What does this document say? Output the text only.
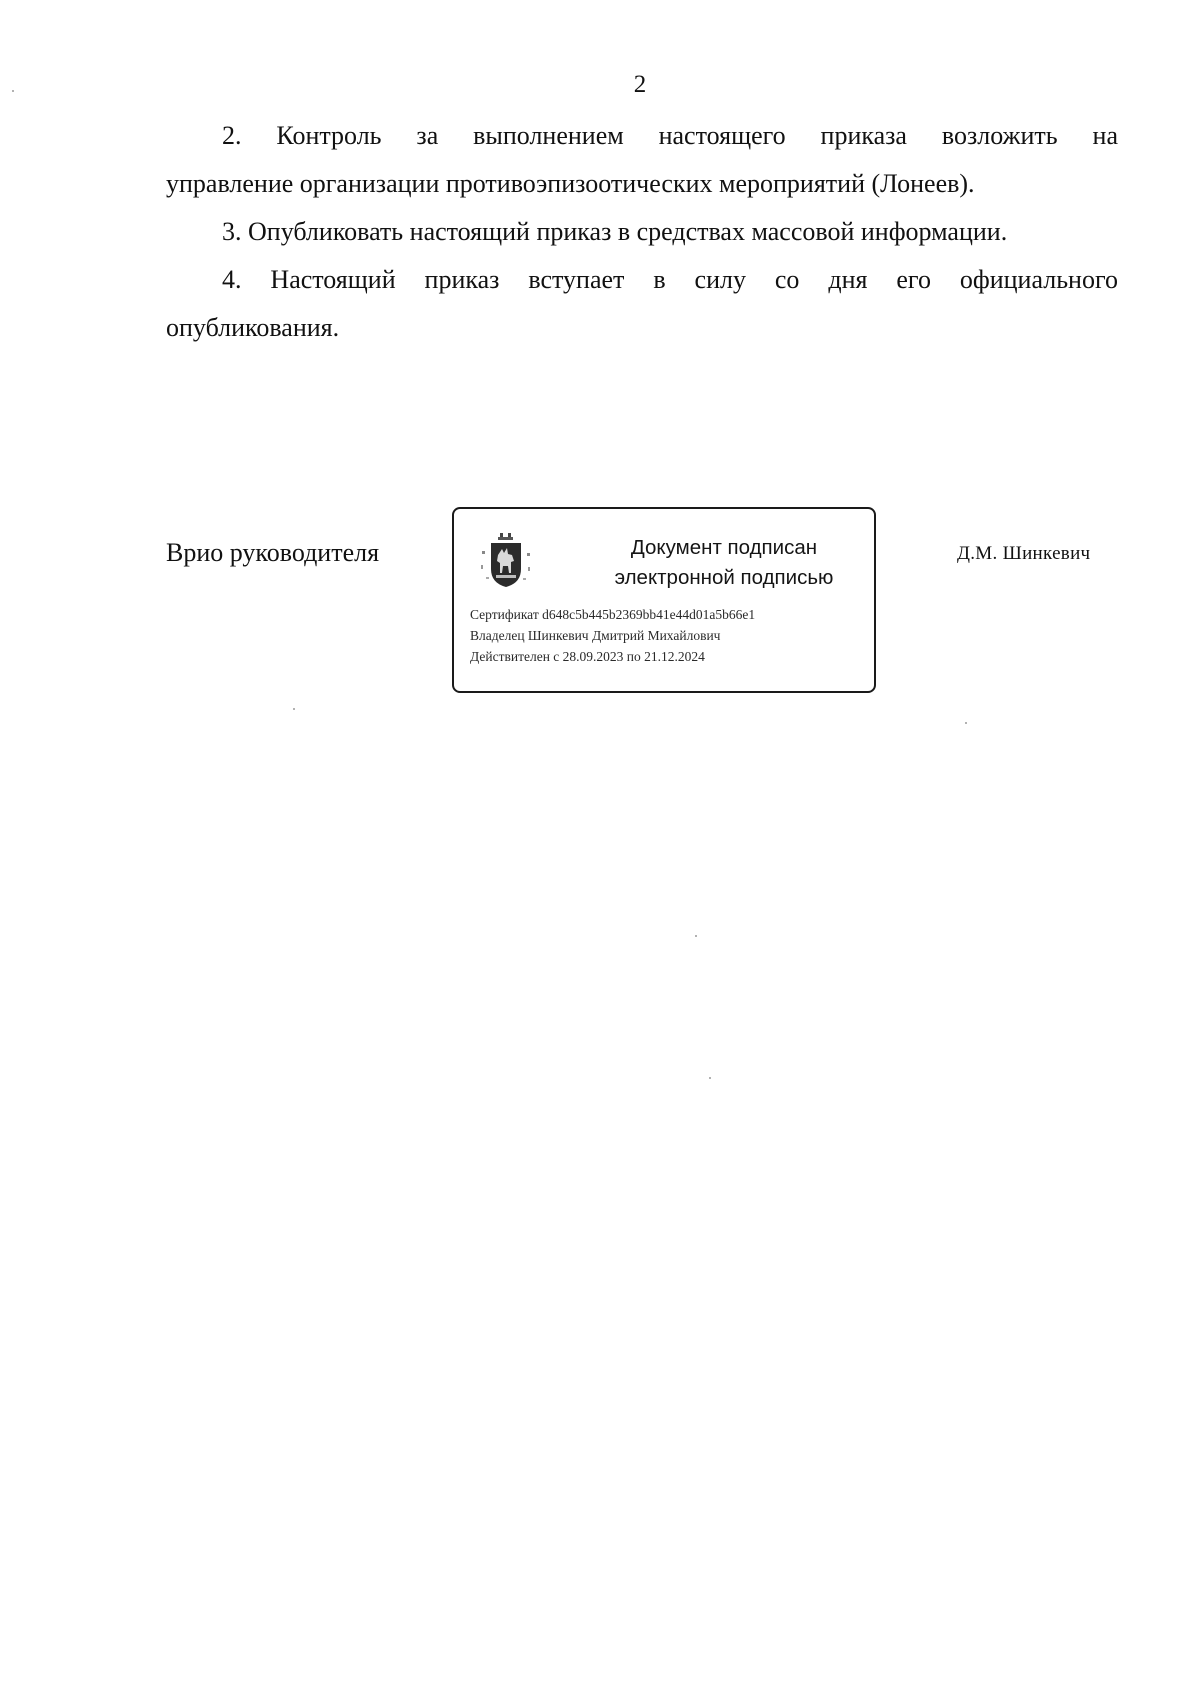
2
2. Контроль за выполнением настоящего приказа возложить на
управление организации противоэпизоотических мероприятий (Лонеев).
3. Опубликовать настоящий приказ в средствах массовой информации.
4. Настоящий приказ вступает в силу со дня его официального
опубликования.
Врио руководителя	Документ подписан
электронной подписью
Сертификат d648c5b445b2369bb41e44d01a5b66e1
Владелец Шинкевич Дмитрий Михайлович
Действителен с 28.09.2023 по 21.12.2024
Д.М. Шинкевич
